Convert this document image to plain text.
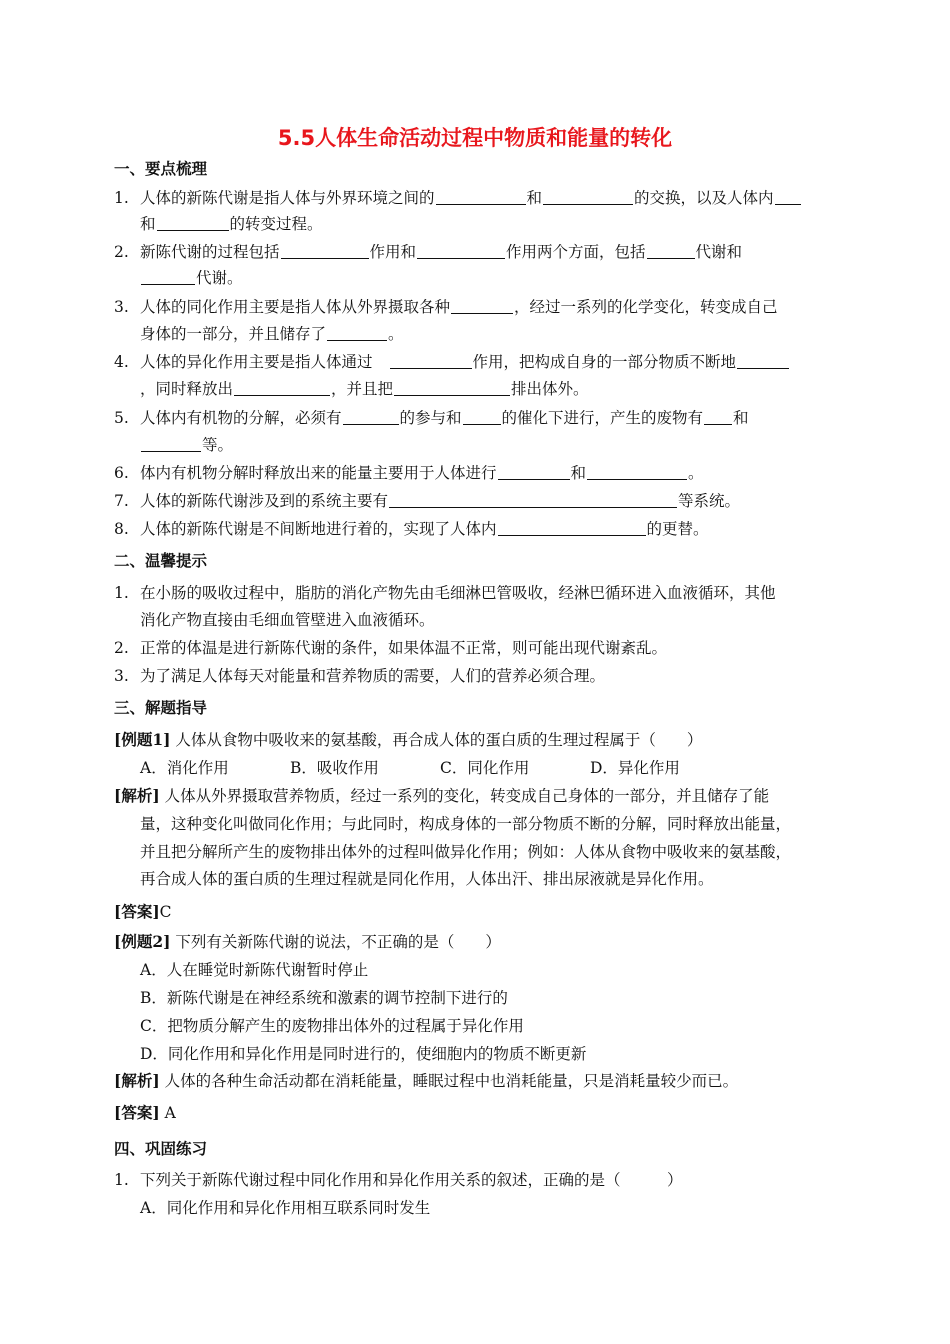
5.5人体生命活动过程中物质和能量的转化
一、要点梳理
1. 人体的新陈代谢是指人体与外界环境之间的	和	的交换，以及人体内
和	的转变过程。
2. 新陈代谢的过程包括	作用和	作用两个方面，包括	代谢和
代谢。
3. 人体的同化作用主要是指人体从外界摄取各种	，经过一系列的化学变化，转变成自己
身体的一部分，并且储存了	。
4. 人体的异化作用主要是指人体通过	作用，把构成自身的一部分物质不断地
，同时释放出	，并且把	排出体外。
5. 人体内有机物的分解，必须有	的参与和	的催化下进行，产生的废物有 和
等。
6. 体内有机物分解时释放出来的能量主要用于人体进行	和	。
7. 人体的新陈代谢涉及到的系统主要有	等系统。
8. 人体的新陈代谢是不间断地进行着的，实现了人体内	的更替。
二、温馨提示
1. 在小肠的吸收过程中，脂肪的消化产物先由毛细淋巴管吸收，经淋巴循环进入血液循环，其他
消化产物直接由毛细血管壁进入血液循环。
2. 正常的体温是进行新陈代谢的条件，如果体温不正常，则可能出现代谢紊乱。
3. 为了满足人体每天对能量和营养物质的需要，人们的营养必须合理。
三、解题指导
[例题1] 人体从食物中吸收来的氨基酸，再合成人体的蛋白质的生理过程属于（　　）
A．消化作用	B．吸收作用	C．同化作用	D．异化作用
[解析] 人体从外界摄取营养物质，经过一系列的变化，转变成自己身体的一部分，并且储存了能
量，这种变化叫做同化作用；与此同时，构成身体的一部分物质不断的分解，同时释放出能量，
并且把分解所产生的废物排出体外的过程叫做异化作用；例如：人体从食物中吸收来的氨基酸，
再合成人体的蛋白质的生理过程就是同化作用，人体出汗、排出尿液就是异化作用。
[答案]C
[例题2] 下列有关新陈代谢的说法，不正确的是（　　）
A．人在睡觉时新陈代谢暂时停止
B．新陈代谢是在神经系统和激素的调节控制下进行的
C．把物质分解产生的废物排出体外的过程属于异化作用
D．同化作用和异化作用是同时进行的，使细胞内的物质不断更新
[解析] 人体的各种生命活动都在消耗能量，睡眠过程中也消耗能量，只是消耗量较少而已。
[答案] A
四、巩固练习
1. 下列关于新陈代谢过程中同化作用和异化作用关系的叙述，正确的是（　　　）
A．同化作用和异化作用相互联系同时发生
